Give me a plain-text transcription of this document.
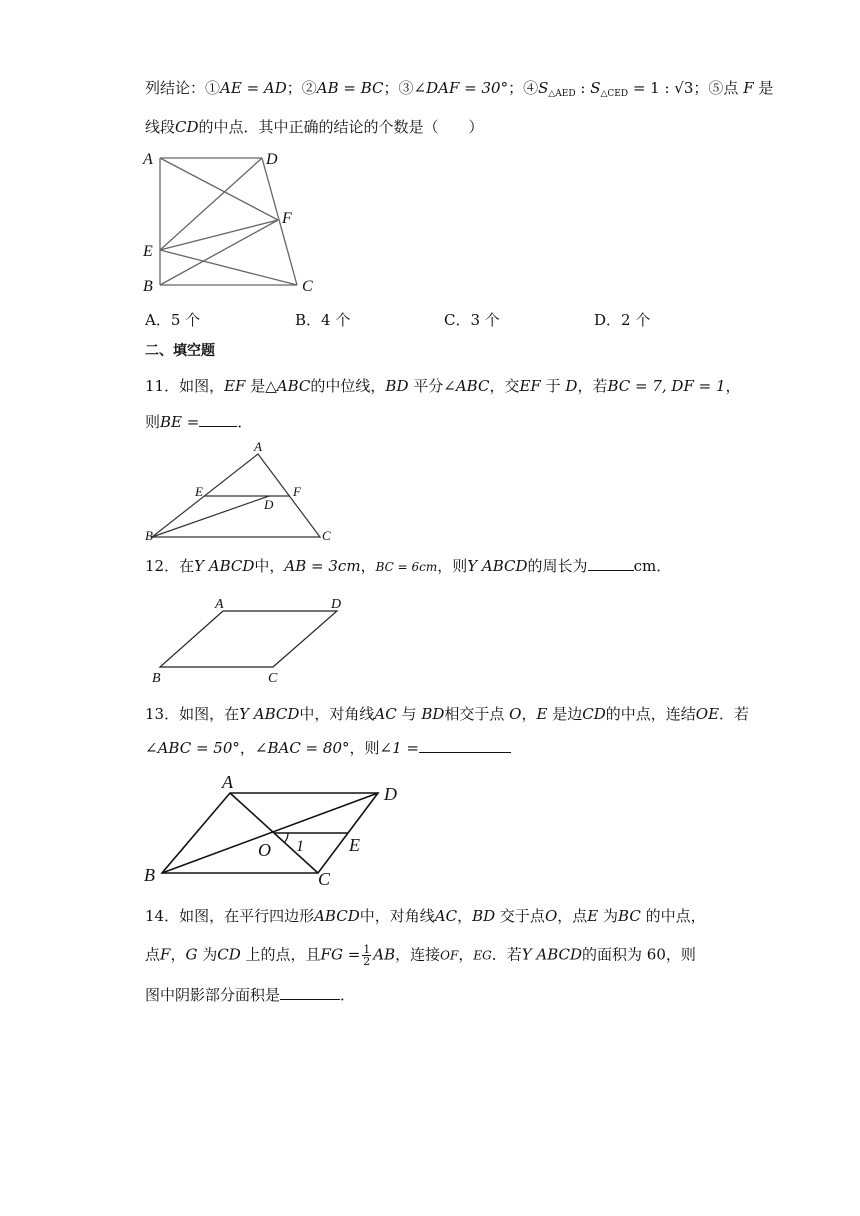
列结论：①AE = AD；②AB = BC；③∠DAF = 30°；$④S_{\triangle AED}$ : $S_{\triangle CED} = 1$ : √3；⑤点 F 是
线段CD的中点．其中正确的结论的个数是（　　）
A	D
F
E
B	C
A．5 个	B．4 个	C．3 个	D．2 个
二、填空题
11．如图，EF 是△ABC的中位线，BD 平分∠ABC，交EF 于 D，若BC = 7, DF = 1，
则BE =	．
A
E	F
D
B	C
12．在Y ABCD中，AB = 3cm，BC = 6cm，则Y ABCD的周长为	cm．
A	D
B	C
13．如图，在Y ABCD中，对角线AC 与 BD相交于点 O，E 是边CD的中点，连结OE．若
∠ABC = 50°，∠BAC = 80°，则∠1 =
A
D
O 1	E
B	C
14．如图，在平行四边形ABCD中，对角线AC，BD 交于点O，点E 为BC 的中点，
点F，G 为CD 上的点，且FG = $\frac{1}{2}$ AB，连接OF，EG．若Y ABCD的面积为 60，则
图中阴影部分面积是	．
